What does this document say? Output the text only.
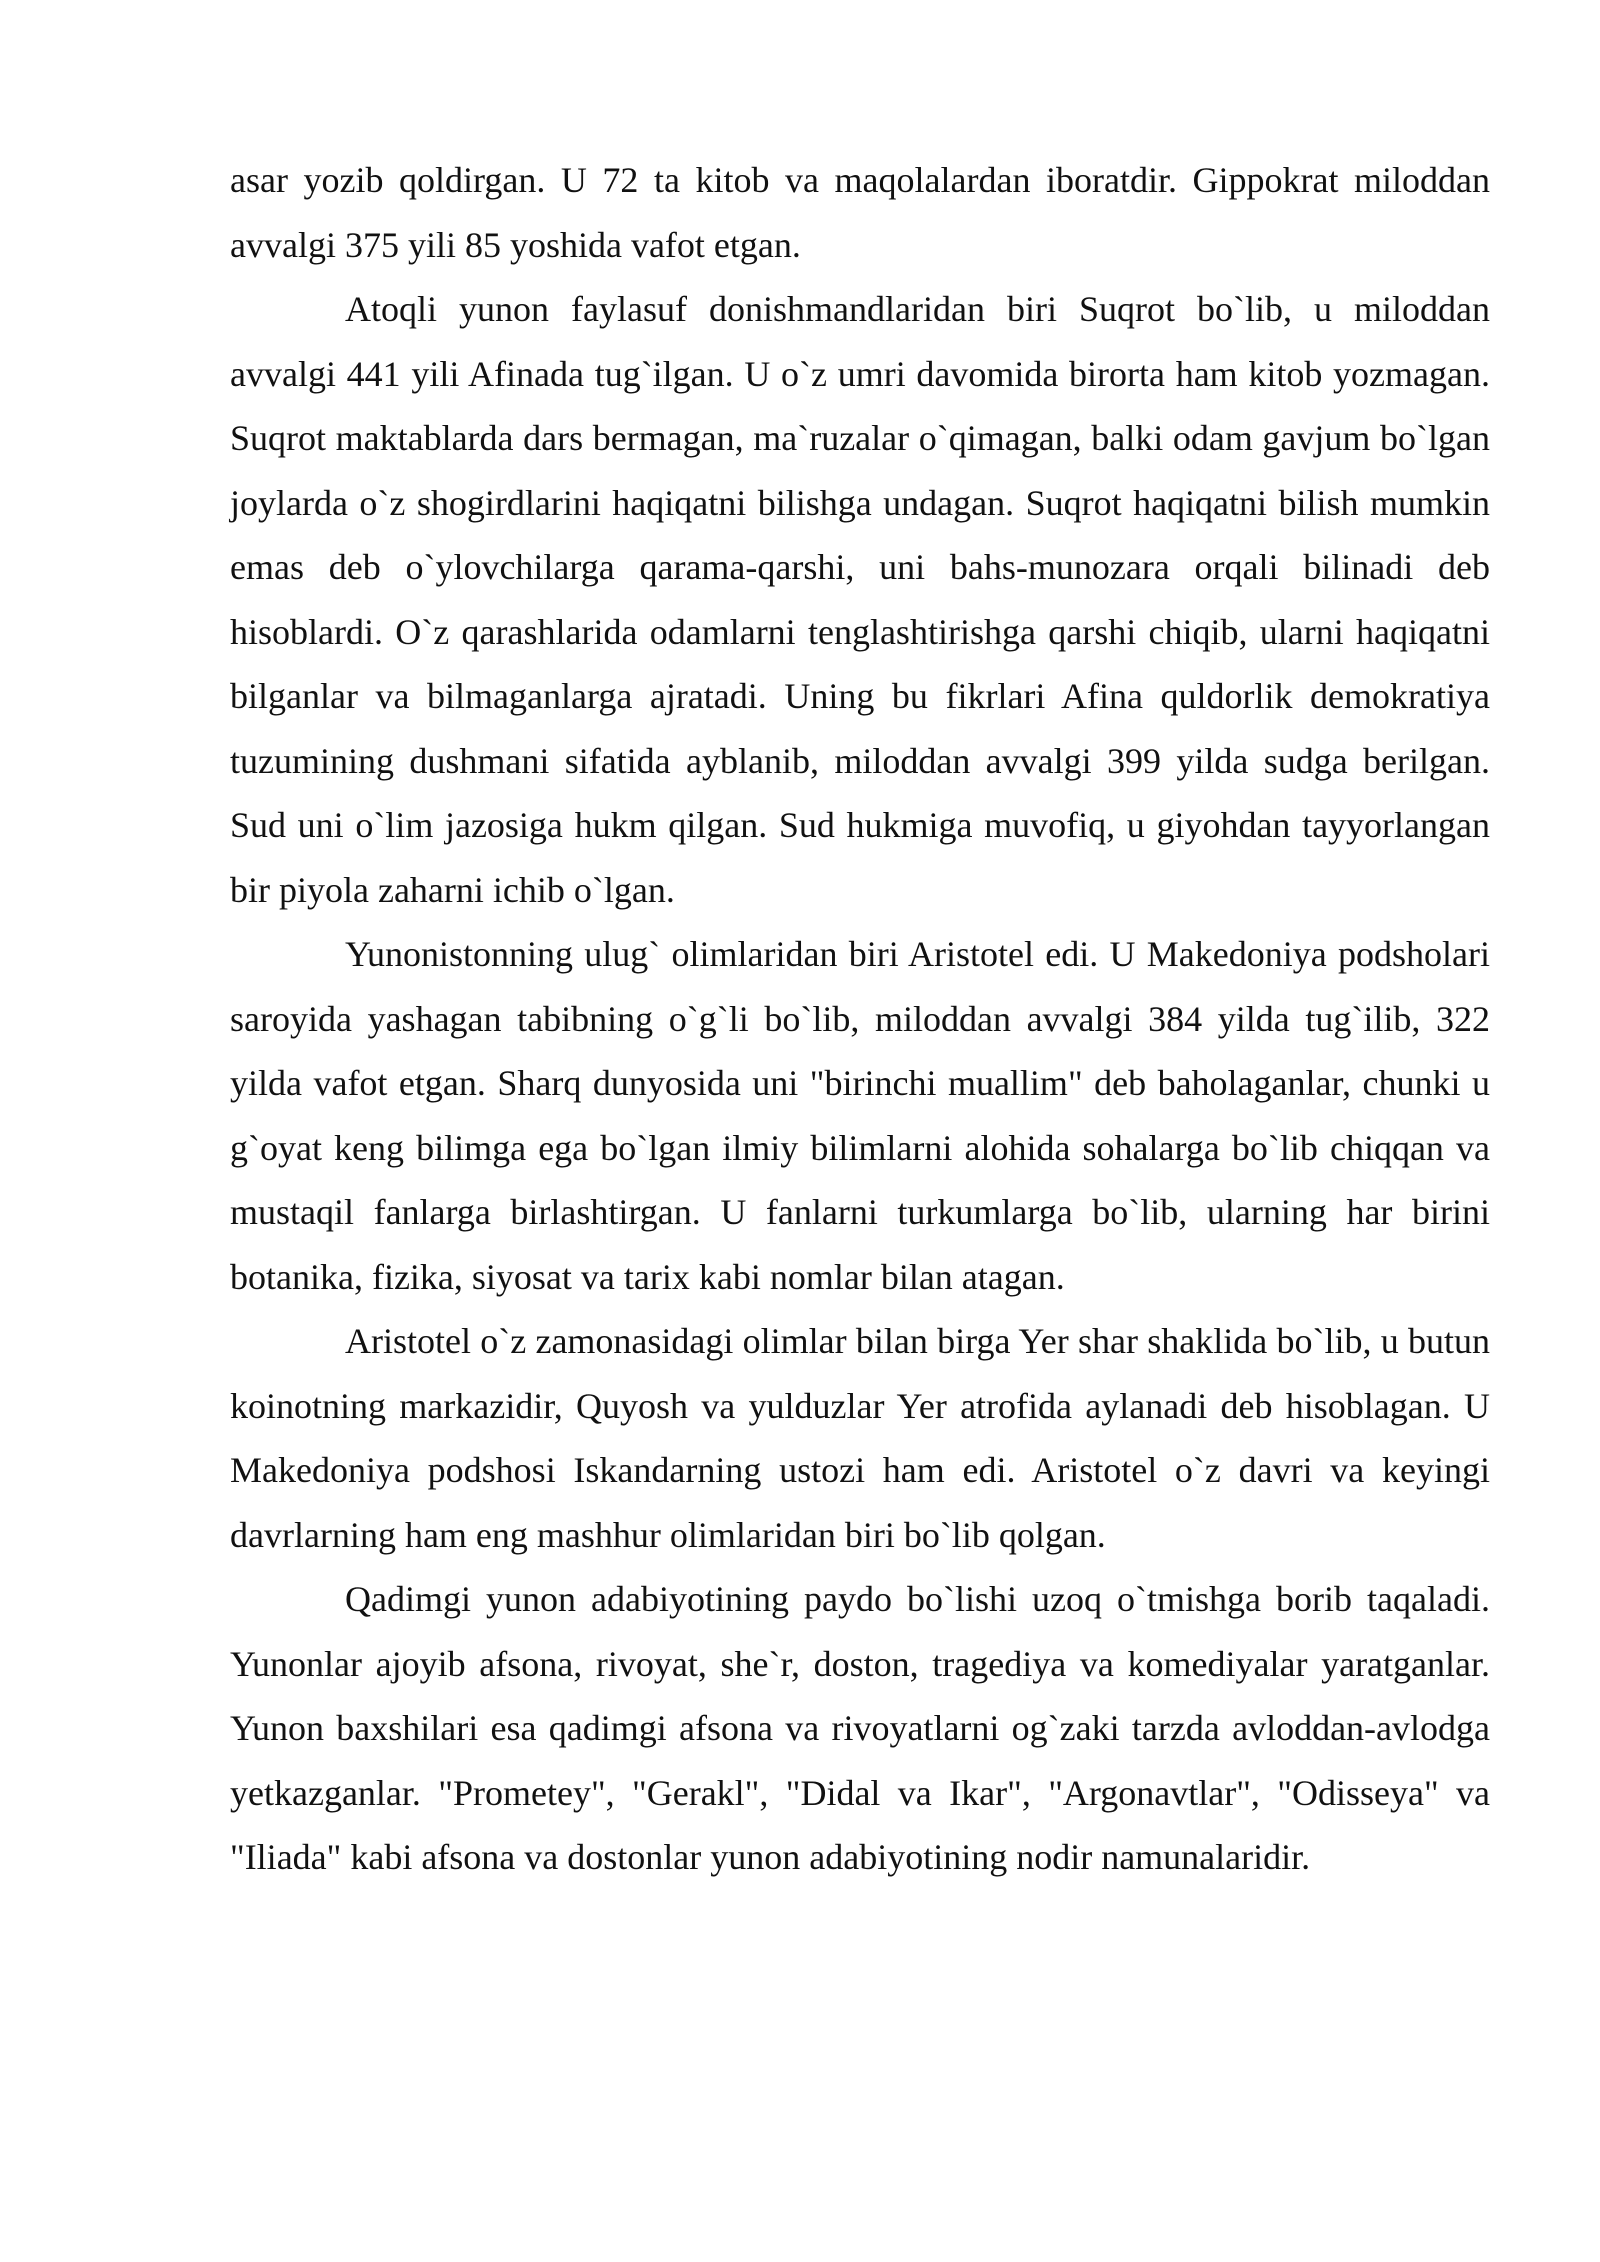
asar yozib qoldirgan. U 72 ta kitob va maqolalardan iboratdir. Gippokrat miloddan avvalgi 375 yili 85 yoshida vafot etgan.

Atoqli yunon faylasuf donishmandlaridan biri Suqrot bo`lib, u miloddan avvalgi 441 yili Afinada tug`ilgan. U o`z umri davomida birorta ham kitob yozmagan. Suqrot maktablarda dars bermagan, ma`ruzalar o`qimagan, balki odam gavjum bo`lgan joylarda o`z shogirdlarini haqiqatni bilishga undagan. Suqrot haqiqatni bilish mumkin emas deb o`ylovchilarga qarama-qarshi, uni bahs-munozara orqali bilinadi deb hisoblardi. O`z qarashlarida odamlarni tenglashtirishga qarshi chiqib, ularni haqiqatni bilganlar va bilmaganlarga ajratadi. Uning bu fikrlari Afina quldorlik demokratiya tuzumining dushmani sifatida ayblanib, miloddan avvalgi 399 yilda sudga berilgan. Sud uni o`lim jazosiga hukm qilgan. Sud hukmiga muvofiq, u giyohdan tayyorlangan bir piyola zaharni ichib o`lgan.

Yunonistonning ulug` olimlaridan biri Aristotel edi. U Makedoniya podsholari saroyida yashagan tabibning o`g`li bo`lib, miloddan avvalgi 384 yilda tug`ilib, 322 yilda vafot etgan. Sharq dunyosida uni "birinchi muallim" deb baholaganlar, chunki u g`oyat keng bilimga ega bo`lgan ilmiy bilimlarni alohida sohalarga bo`lib chiqqan va mustaqil fanlarga birlashtirgan. U fanlarni turkumlarga bo`lib, ularning har birini botanika, fizika, siyosat va tarix kabi nomlar bilan atagan.

Aristotel o`z zamonasidagi olimlar bilan birga Yer shar shaklida bo`lib, u butun koinotning markazidir, Quyosh va yulduzlar Yer atrofida aylanadi deb hisoblagan. U Makedoniya podshosi Iskandarning ustozi ham edi. Aristotel o`z davri va keyingi davrlarning ham eng mashhur olimlaridan biri bo`lib qolgan.

Qadimgi yunon adabiyotining paydo bo`lishi uzoq o`tmishga borib taqaladi. Yunonlar ajoyib afsona, rivoyat, she`r, doston, tragediya va komediyalar yaratganlar. Yunon baxshilari esa qadimgi afsona va rivoyatlarni og`zaki tarzda avloddan-avlodga yetkazganlar. "Prometey", "Gerakl", "Didal va Ikar", "Argonavtlar", "Odisseya" va "Iliada" kabi afsona va dostonlar yunon adabiyotining nodir namunalaridir.
